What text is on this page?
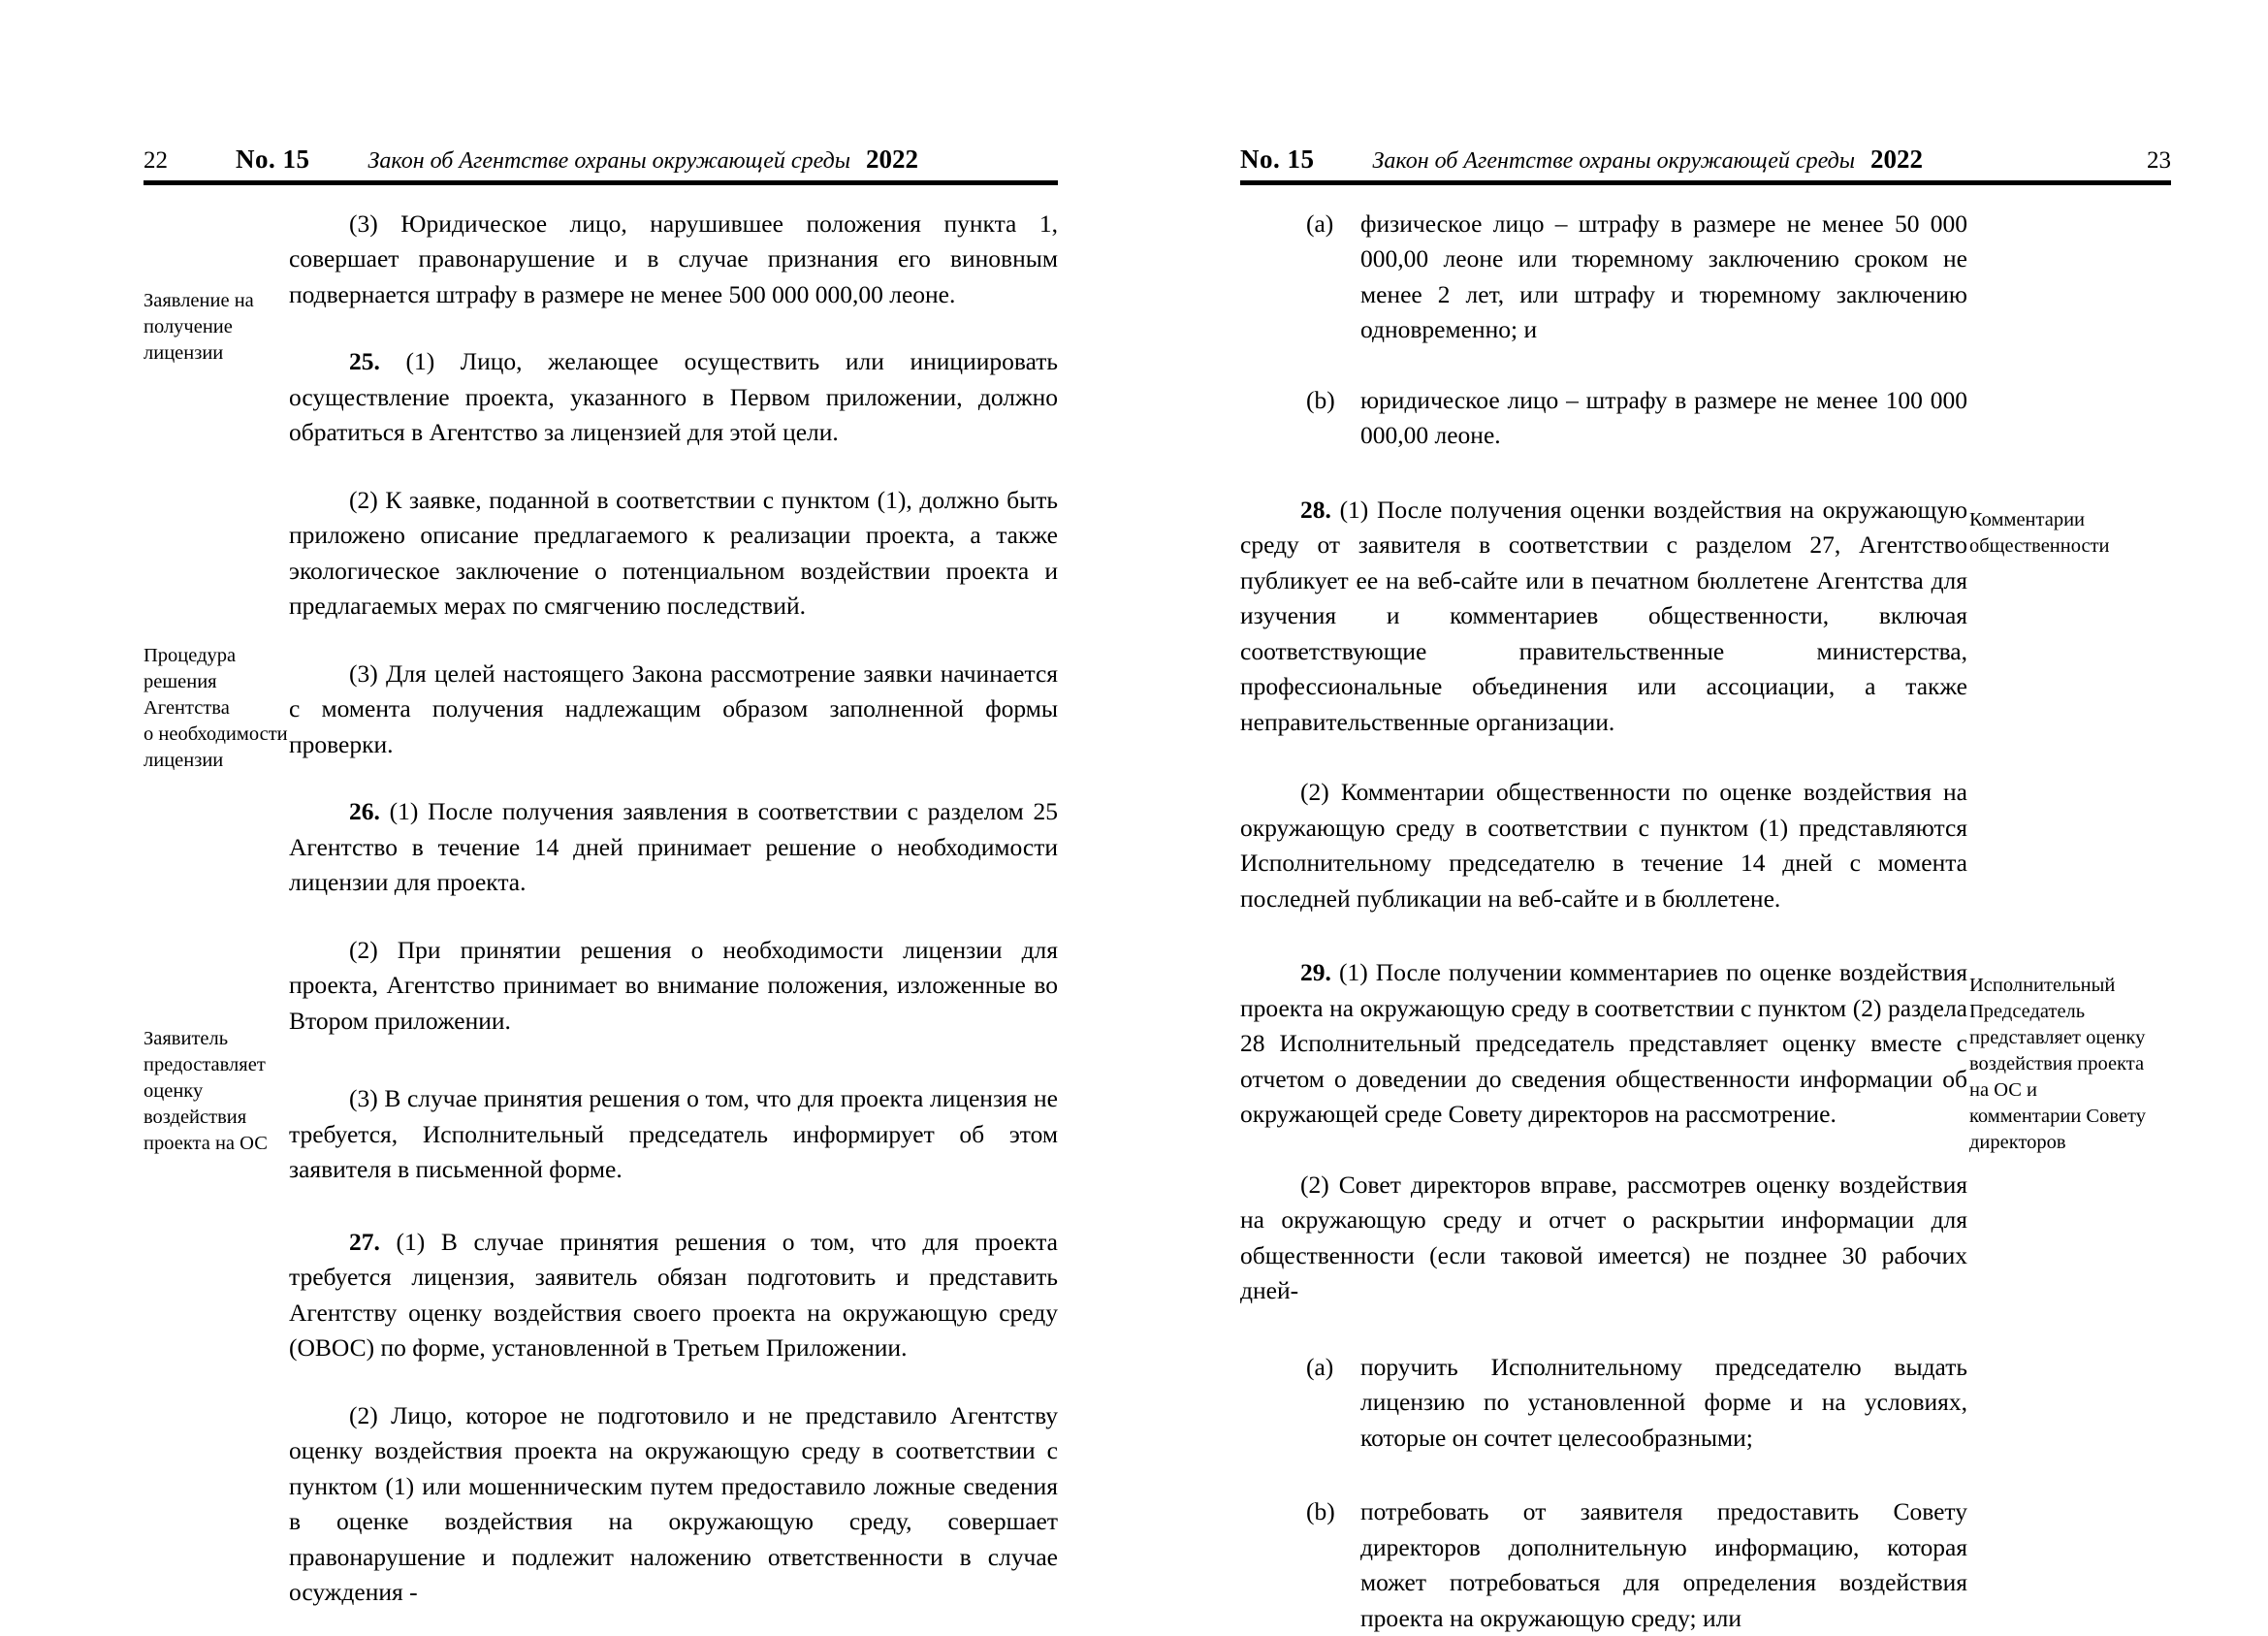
22	No. 15	Закон об Агентстве охраны окружающей среды 2022
Заявление на
получение
лицензии
Процедура
решения
Агентства
о необходимости
лицензии
Заявитель
предоставляет
оценку
воздействия
проекта на ОС

(3) Юридическое лицо, нарушившее положения пункта 1, совершает правонарушение и в случае признания его виновным подвернается штрафу в размере не менее 500 000 000,00 леоне.

25. (1) Лицо, желающее осуществить или инициировать осуществление проекта, указанного в Первом приложении, должно обратиться в Агентство за лицензией для этой цели.

(2) К заявке, поданной в соответствии с пунктом (1), должно быть приложено описание предлагаемого к реализации проекта, а также экологическое заключение о потенциальном воздействии проекта и предлагаемых мерах по смягчению последствий.

(3) Для целей настоящего Закона рассмотрение заявки начинается с момента получения надлежащим образом заполненной формы проверки.

26. (1) После получения заявления в соответствии с разделом 25 Агентство в течение 14 дней принимает решение о необходимости лицензии для проекта.

(2) При принятии решения о необходимости лицензии для проекта, Агентство принимает во внимание положения, изложенные во Втором приложении.

(3) В случае принятия решения о том, что для проекта лицензия не требуется, Исполнительный председатель информирует об этом заявителя в письменной форме.

27. (1) В случае принятия решения о том, что для проекта требуется лицензия, заявитель обязан подготовить и представить Агентству оценку воздействия своего проекта на окружающую среду (ОВОС) по форме, установленной в Третьем Приложении.

(2) Лицо, которое не подготовило и не представило Агентству оценку воздействия проекта на окружающую среду в соответствии с пунктом (1) или мошенническим путем предоставило ложные сведения в оценке воздействия на окружающую среду, совершает правонарушение и подлежит наложению ответственности в случае осуждения -

No. 15	Закон об Агентстве охраны окружающей среды 2022	23
Комментарии
общественности
Исполнительный
Председатель
представляет оценку
воздействия проекта
на ОС и
комментарии Совету
директоров
(a)	физическое лицо – штрафу в размере не менее 50 000 000,00 леоне или тюремному заключению сроком не менее 2 лет, или штрафу и тюремному заключению одновременно; и
(b)	юридическое лицо – штрафу в размере не менее 100 000 000,00 леоне.

28. (1) После получения оценки воздействия на окружающую среду от заявителя в соответствии с разделом 27, Агентство публикует ее на веб-сайте или в печатном бюллетене Агентства для изучения и комментариев общественности, включая соответствующие правительственные министерства, профессиональные объединения или ассоциации, а также неправительственные организации.

(2) Комментарии общественности по оценке воздействия на окружающую среду в соответствии с пунктом (1) представляются Исполнительному председателю в течение 14 дней с момента последней публикации на веб-сайте и в бюллетене.

29. (1) После получении комментариев по оценке воздействия проекта на окружающую среду в соответствии с пунктом (2) раздела 28 Исполнительный председатель представляет оценку вместе с отчетом о доведении до сведения общественности информации об окружающей среде Совету директоров на рассмотрение.

(2) Совет директоров вправе, рассмотрев оценку воздействия на окружающую среду и отчет о раскрытии информации для общественности (если таковой имеется) не позднее 30 рабочих дней-

(a)	поручить Исполнительному председателю выдать лицензию по установленной форме и на условиях, которые он сочтет целесообразными;
(b)	потребовать от заявителя предоставить Совету директоров дополнительную информацию, которая может потребоваться для определения воздействия проекта на окружающую среду; или
